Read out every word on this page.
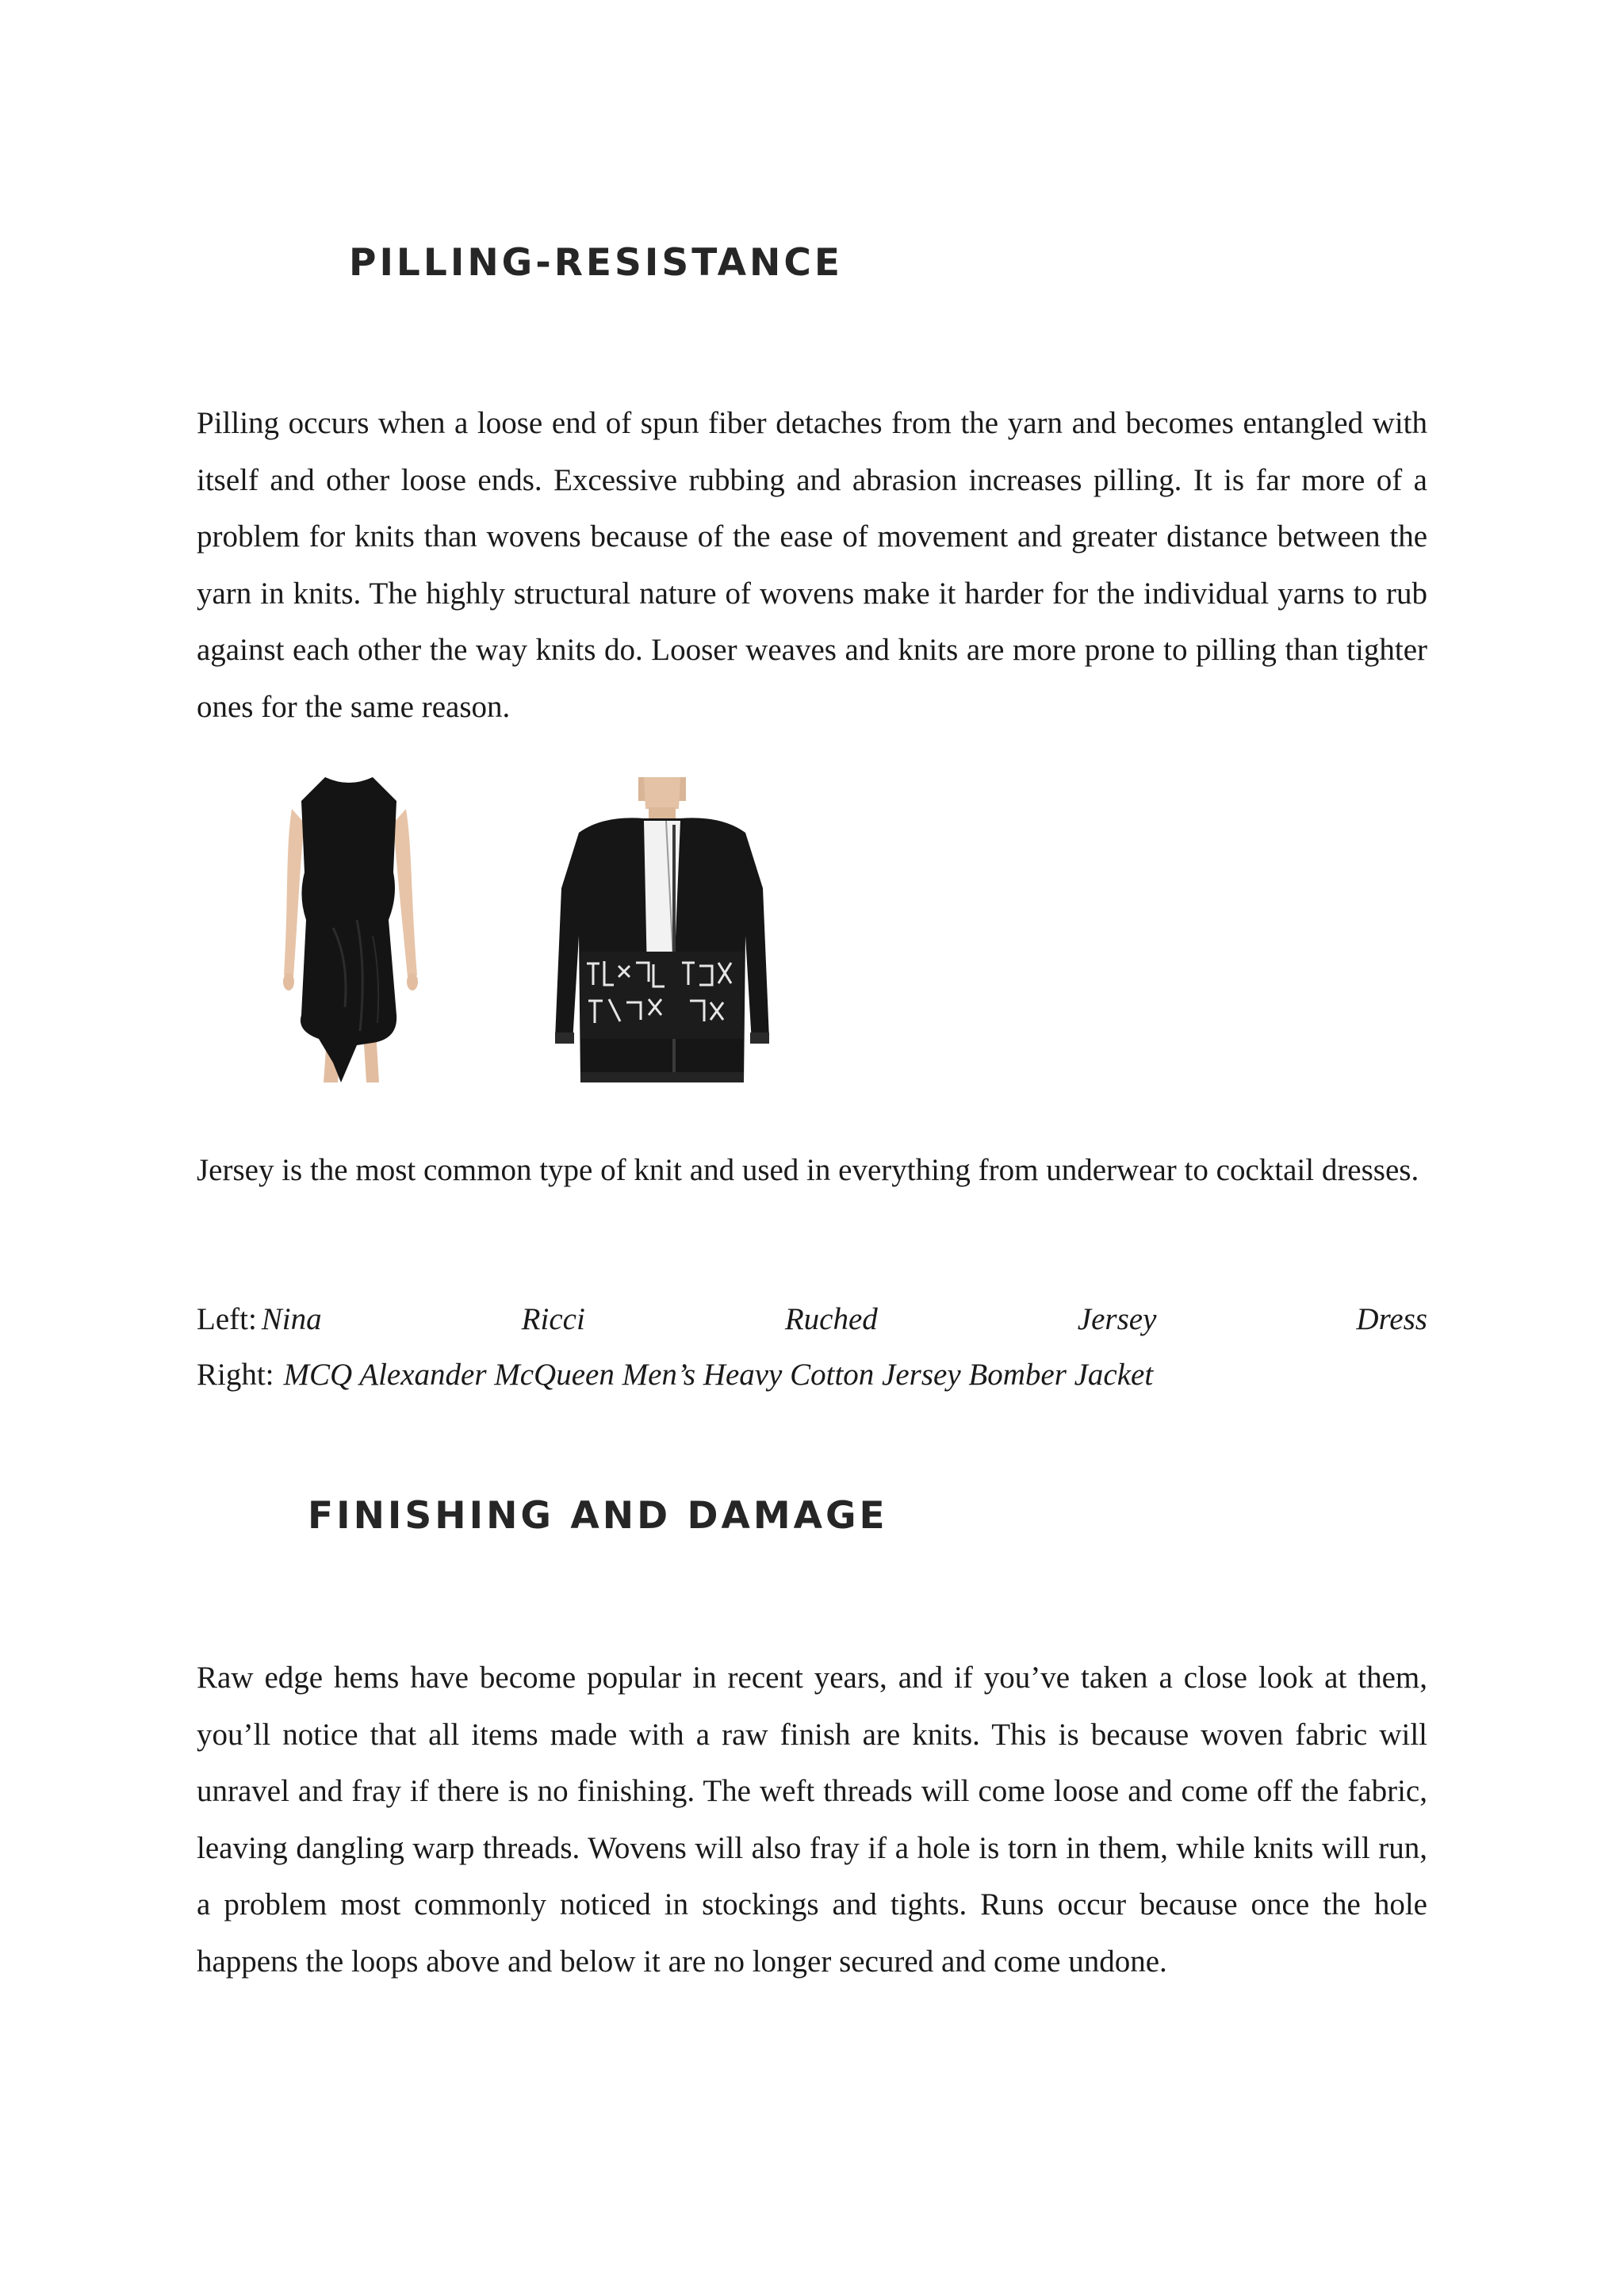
PILLING-RESISTANCE
Pilling occurs when a loose end of spun fiber detaches from the yarn and becomes entangled with itself and other loose ends. Excessive rubbing and abrasion increases pilling. It is far more of a problem for knits than wovens because of the ease of movement and greater distance between the yarn in knits. The highly structural nature of wovens make it harder for the individual yarns to rub against each other the way knits do. Looser weaves and knits are more prone to pilling than tighter ones for the same reason.
Jersey is the most common type of knit and used in everything from underwear to cocktail dresses.
Left: Nina	Ricci	Ruched	Jersey	Dress
Right: MCQ Alexander McQueen Men’s Heavy Cotton Jersey Bomber Jacket
FINISHING AND DAMAGE
Raw edge hems have become popular in recent years, and if you’ve taken a close look at them, you’ll notice that all items made with a raw finish are knits. This is because woven fabric will unravel and fray if there is no finishing. The weft threads will come loose and come off the fabric, leaving dangling warp threads. Wovens will also fray if a hole is torn in them, while knits will run, a problem most commonly noticed in stockings and tights. Runs occur because once the hole happens the loops above and below it are no longer secured and come undone.
